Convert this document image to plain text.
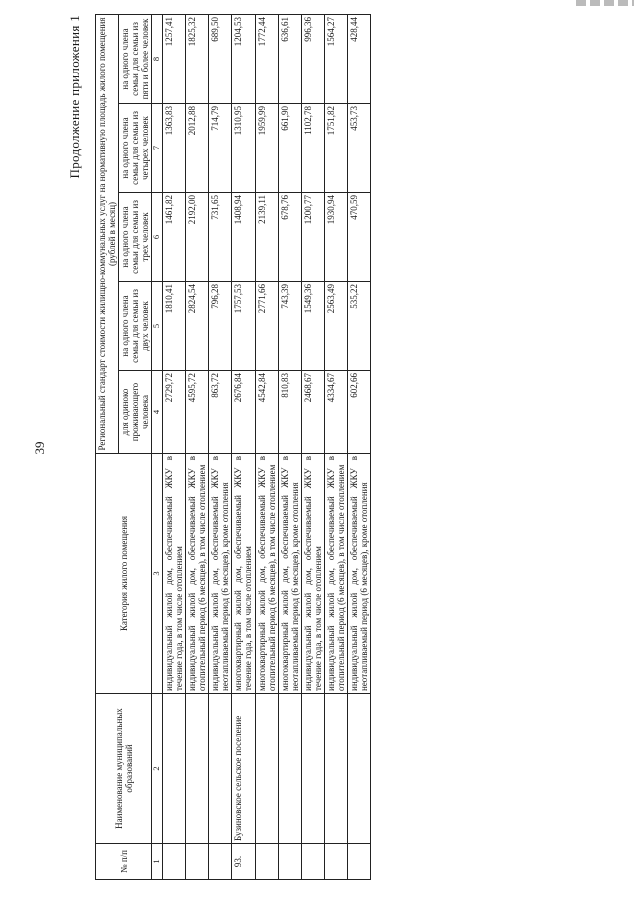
39
Продолжение приложения 1
№ п/п	Наименование муниципальных образований	Категория жилого помещения	Региональный стандарт стоимости жилищно-коммунальных услуг на нормативную площадь жилого помещения (рублей в месяц)				
			для одиноко проживающего человека	на одного члена семьи для семьи из двух человек	на одного члена семьи для семьи из трех человек	на одного члена семьи для семьи из четырех человек	на одного члена семьи для семьи из пяти и более человек
1	2	3	4	5	6	7	8
		индивидуальный жилой дом, обеспечиваемый ЖКУ в течение года, в том числе отоплением	2729,72	1810,41	1461,82	1363,83	1257,41
		индивидуальный жилой дом, обеспечиваемый ЖКУ в отопительный период (6 месяцев), в том числе отоплением	4595,72	2824,54	2192,00	2012,88	1825,32
		индивидуальный жилой дом, обеспечиваемый ЖКУ в неотапливаемый период (6 месяцев), кроме отопления	863,72	796,28	731,65	714,79	689,50
93.	Бузиновское сельское поселение	многоквартирный жилой дом, обеспечиваемый ЖКУ в течение года, в том числе отоплением	2676,84	1757,53	1408,94	1310,95	1204,53
		многоквартирный жилой дом, обеспечиваемый ЖКУ в отопительный период (6 месяцев), в том числе отоплением	4542,84	2771,66	2139,11	1959,99	1772,44
		многоквартирный жилой дом, обеспечиваемый ЖКУ в неотапливаемый период (6 месяцев), кроме отопления	810,83	743,39	678,76	661,90	636,61
		индивидуальный жилой дом, обеспечиваемый ЖКУ в течение года, в том числе отоплением	2468,67	1549,36	1200,77	1102,78	996,36
		индивидуальный жилой дом, обеспечиваемый ЖКУ в отопительный период (6 месяцев), в том числе отоплением	4334,67	2563,49	1930,94	1751,82	1564,27
		индивидуальный жилой дом, обеспечиваемый ЖКУ в неотапливаемый период (6 месяцев), кроме отопления	602,66	535,22	470,59	453,73	428,44
